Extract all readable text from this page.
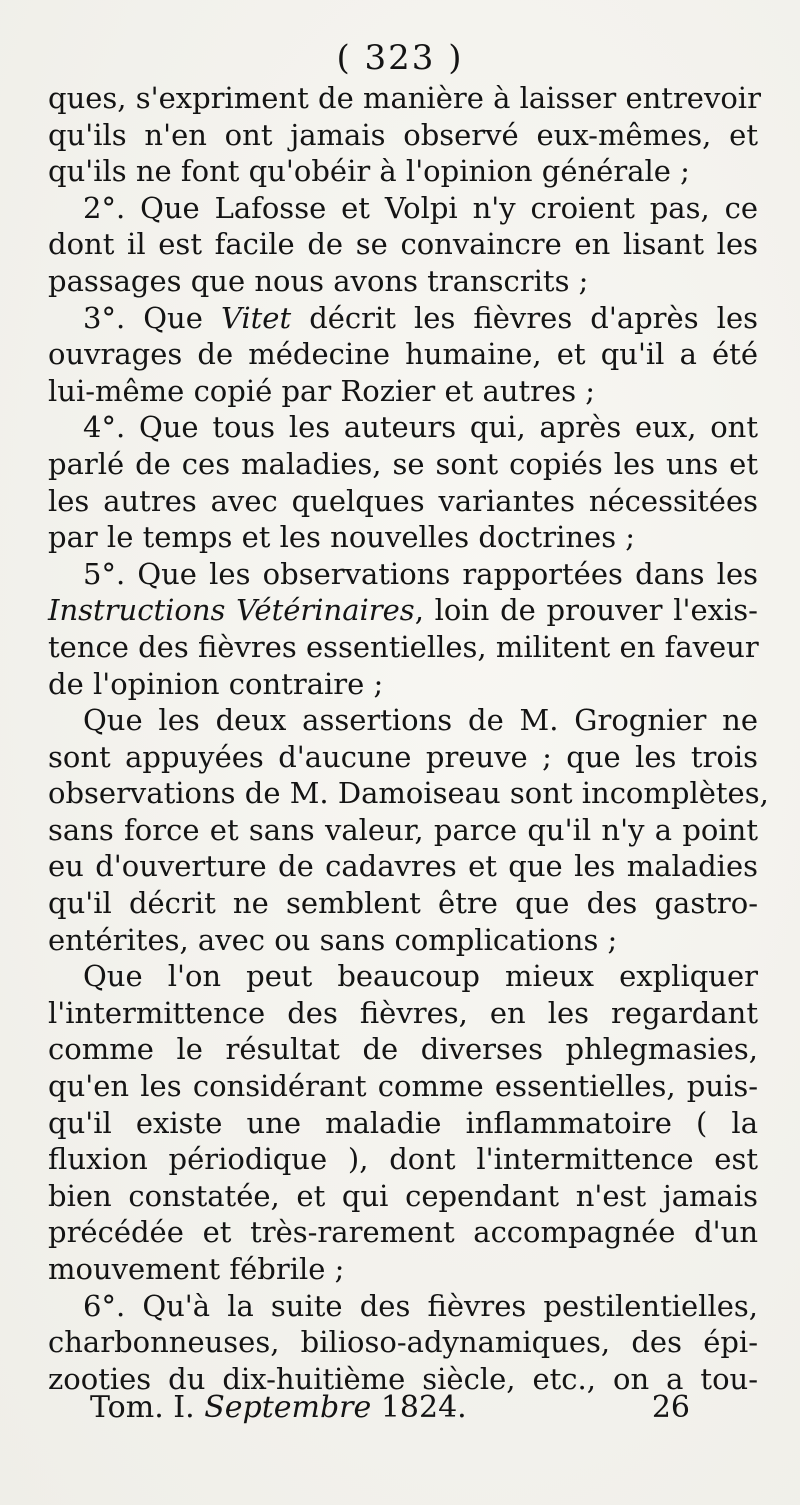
( 323 )
ques, s'expriment de manière à laisser entrevoir
qu'ils n'en ont jamais observé eux-mêmes, et
qu'ils ne font qu'obéir à l'opinion générale ;
2°. Que Lafosse et Volpi n'y croient pas, ce
dont il est facile de se convaincre en lisant les
passages que nous avons transcrits ;
3°. Que Vitet décrit les fièvres d'après les
ouvrages de médecine humaine, et qu'il a été
lui-même copié par Rozier et autres ;
4°. Que tous les auteurs qui, après eux, ont
parlé de ces maladies, se sont copiés les uns et
les autres avec quelques variantes nécessitées
par le temps et les nouvelles doctrines ;
5°. Que les observations rapportées dans les
Instructions Vétérinaires, loin de prouver l'exis-
tence des fièvres essentielles, militent en faveur
de l'opinion contraire ;
Que les deux assertions de M. Grognier ne
sont appuyées d'aucune preuve ; que les trois
observations de M. Damoiseau sont incomplètes,
sans force et sans valeur, parce qu'il n'y a point
eu d'ouverture de cadavres et que les maladies
qu'il décrit ne semblent être que des gastro-
entérites, avec ou sans complications ;
Que l'on peut beaucoup mieux expliquer
l'intermittence des fièvres, en les regardant
comme le résultat de diverses phlegmasies,
qu'en les considérant comme essentielles, puis-
qu'il existe une maladie inflammatoire ( la
fluxion périodique ), dont l'intermittence est
bien constatée, et qui cependant n'est jamais
précédée et très-rarement accompagnée d'un
mouvement fébrile ;
6°. Qu'à la suite des fièvres pestilentielles,
charbonneuses, bilioso-adynamiques, des épi-
zooties du dix-huitième siècle, etc., on a tou-
Tom. I. Septembre 1824.	26
